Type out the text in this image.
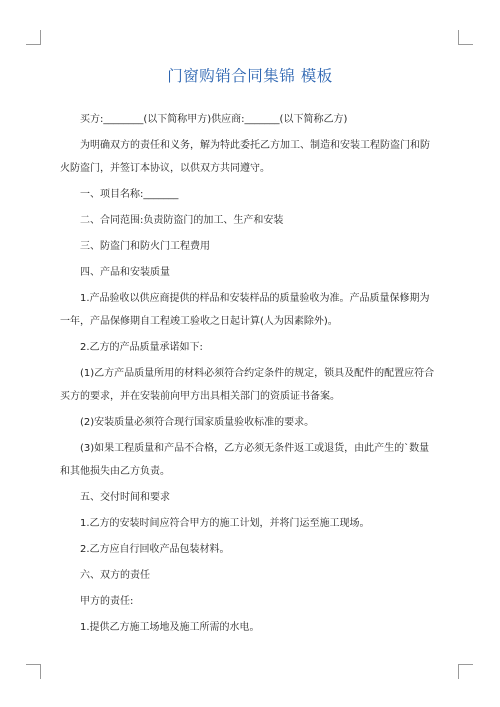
门窗购销合同集锦 模板
买方:________(以下简称甲方)供应商:_______(以下简称乙方)
为明确双方的责任和义务，解为特此委托乙方加工、制造和安装工程防盗门和防
火防盗门，并签订本协议，以供双方共同遵守。
一、项目名称:_______
二、合同范围:负责防盗门的加工、生产和安装
三、防盗门和防火门工程费用
四、产品和安装质量
1.产品验收以供应商提供的样品和安装样品的质量验收为准。产品质量保修期为
一年，产品保修期自工程竣工验收之日起计算(人为因素除外)。
2.乙方的产品质量承诺如下:
(1)乙方产品质量所用的材料必须符合约定条件的规定，锁具及配件的配置应符合
买方的要求，并在安装前向甲方出具相关部门的资质证书备案。
(2)安装质量必须符合现行国家质量验收标准的要求。
(3)如果工程质量和产品不合格，乙方必须无条件返工或退货，由此产生的`数量
和其他损失由乙方负责。
五、交付时间和要求
1.乙方的安装时间应符合甲方的施工计划，并将门运至施工现场。
2.乙方应自行回收产品包装材料。
六、双方的责任
甲方的责任:
1.提供乙方施工场地及施工所需的水电。
